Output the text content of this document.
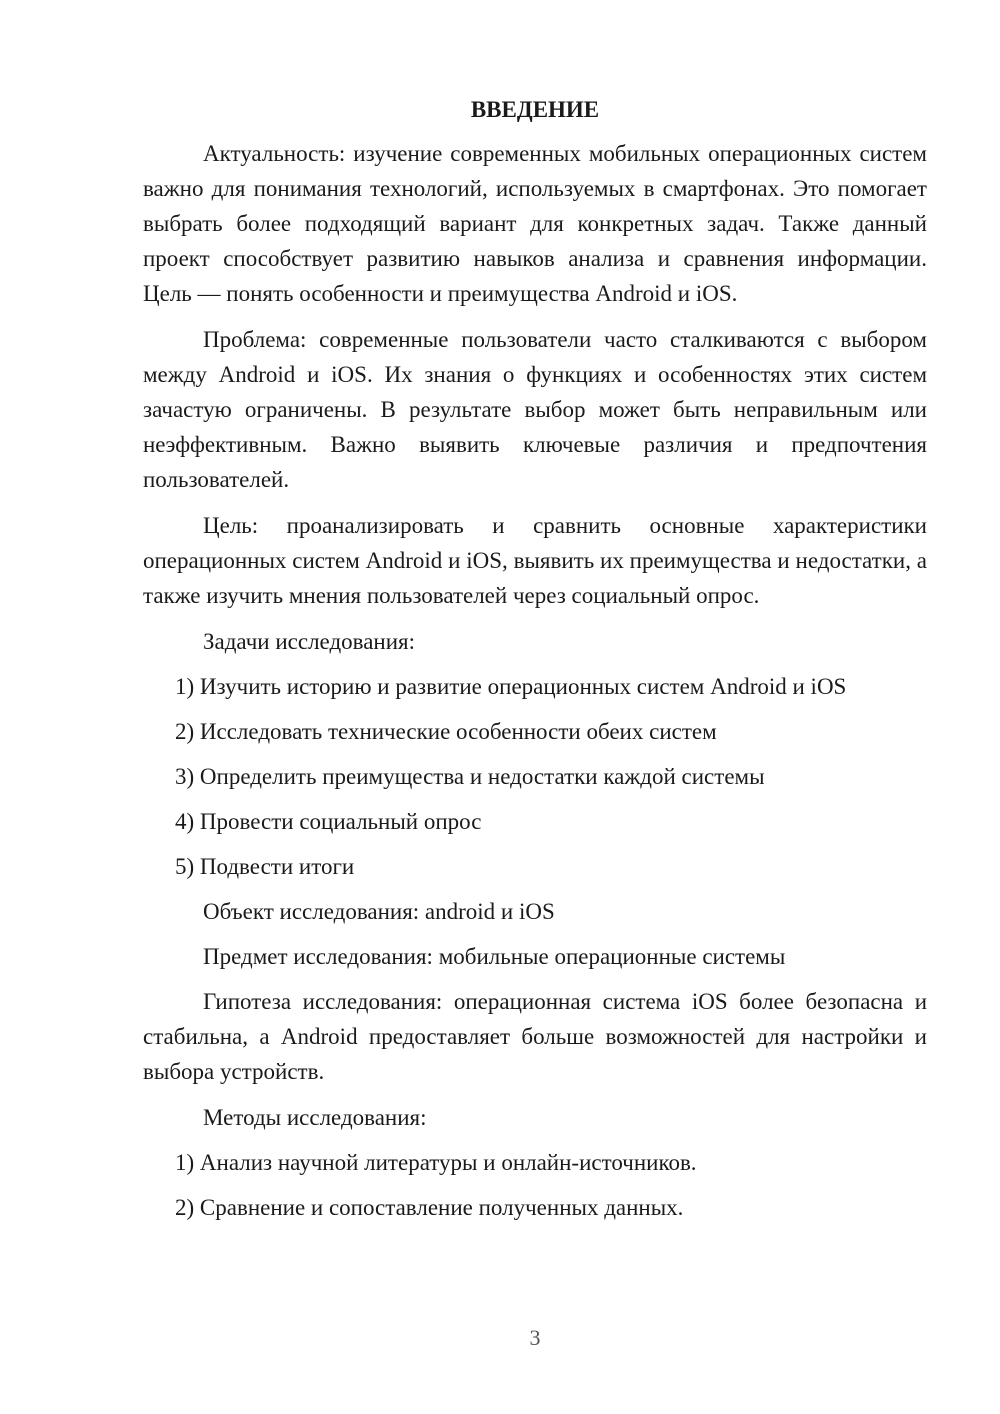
ВВЕДЕНИЕ

Актуальность: изучение современных мобильных операционных систем важно для понимания технологий, используемых в смартфонах. Это помогает выбрать более подходящий вариант для конкретных задач. Также данный проект способствует развитию навыков анализа и сравнения информации. Цель — понять особенности и преимущества Android и iOS.

Проблема: современные пользователи часто сталкиваются с выбором между Android и iOS. Их знания о функциях и особенностях этих систем зачастую ограничены. В результате выбор может быть неправильным или неэффективным. Важно выявить ключевые различия и предпочтения пользователей.

Цель: проанализировать и сравнить основные характеристики операционных систем Android и iOS, выявить их преимущества и недостатки, а также изучить мнения пользователей через социальный опрос.

Задачи исследования:

1) Изучить историю и развитие операционных систем Android и iOS

2) Исследовать технические особенности обеих систем

3) Определить преимущества и недостатки каждой системы

4) Провести социальный опрос

5) Подвести итоги

Объект исследования: android и iOS

Предмет исследования: мобильные операционные системы

Гипотеза исследования: операционная система iOS более безопасна и стабильна, а Android предоставляет больше возможностей для настройки и выбора устройств.

Методы исследования:

1) Анализ научной литературы и онлайн-источников.

2) Сравнение и сопоставление полученных данных.

3
